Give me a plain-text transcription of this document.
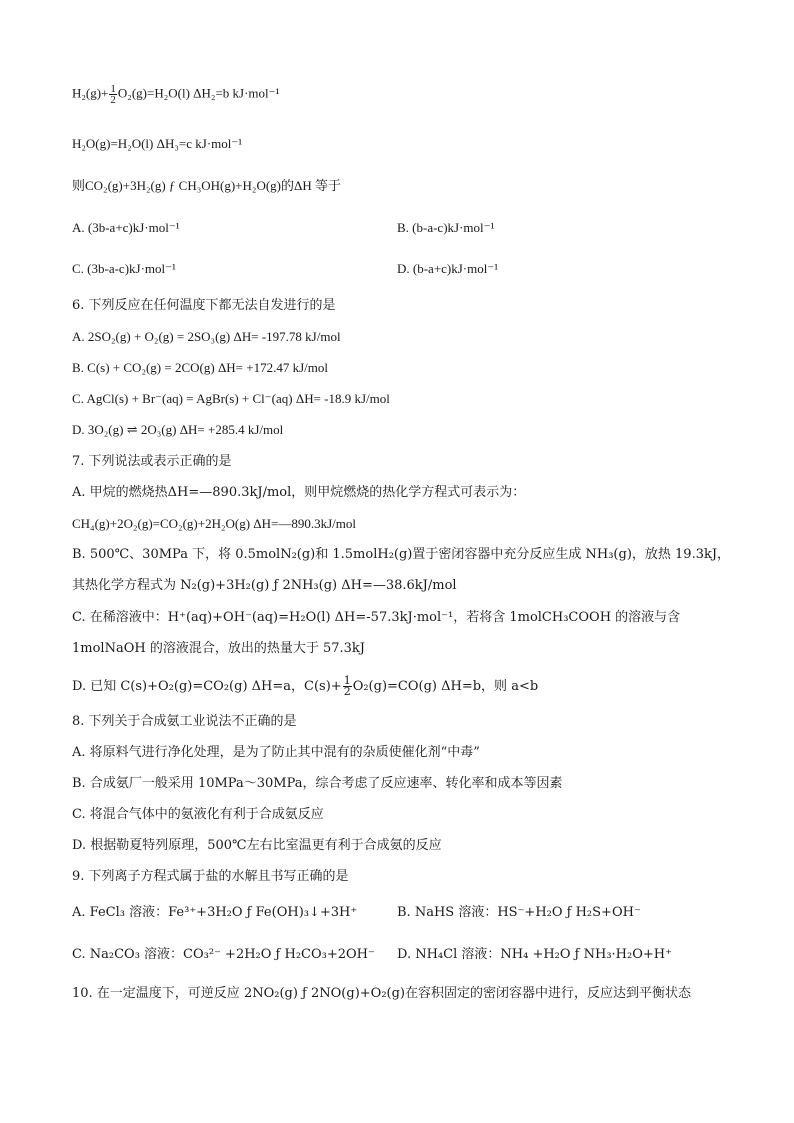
$H_2(g)+ \frac{1}{2} O_2(g)=H_2O(l)$ ΔH₂=b kJ·mol⁻¹
H₂O(g)=H₂O(l) ΔH₃=c kJ·mol⁻¹
则CO₂(g)+3H₂(g) ƒ CH₃OH(g)+H₂O(g)的ΔH 等于
A. (3b-a+c)kJ·mol⁻¹	B. (b-a-c)kJ·mol⁻¹
C. (3b-a-c)kJ·mol⁻¹	D. (b-a+c)kJ·mol⁻¹
6. 下列反应在任何温度下都无法自发进行的是
A. 2SO₂(g) + O₂(g) = 2SO₃(g) ΔH= -197.78 kJ/mol
B. C(s) + CO₂(g) = 2CO(g) ΔH= +172.47 kJ/mol
C. AgCl(s) + Br⁻(aq) = AgBr(s) + Cl⁻(aq) ΔH= -18.9 kJ/mol
D. 3O₂(g) ⇌ 2O₃(g) ΔH= +285.4 kJ/mol
7. 下列说法或表示正确的是
A. 甲烷的燃烧热ΔH=—890.3kJ/mol，则甲烷燃烧的热化学方程式可表示为：
CH₄(g)+2O₂(g)=CO₂(g)+2H₂O(g) ΔH=—890.3kJ/mol
B. 500℃、30MPa 下，将 0.5molN₂(g)和 1.5molH₂(g)置于密闭容器中充分反应生成 NH₃(g)，放热 19.3kJ，
其热化学方程式为 N₂(g)+3H₂(g) ƒ 2NH₃(g) ΔH=—38.6kJ/mol
C. 在稀溶液中：H⁺(aq)+OH⁻(aq)=H₂O(l) ΔH=-57.3kJ·mol⁻¹，若将含 1molCH₃COOH 的溶液与含
1molNaOH 的溶液混合，放出的热量大于 57.3kJ
D. 已知 C(s)+O₂(g)=CO₂(g) ΔH=a，$C(s)+ \frac{1}{2} O_2(g)=CO(g)$ ΔH=b，则 a<b
8. 下列关于合成氨工业说法不正确的是
A. 将原料气进行净化处理，是为了防止其中混有的杂质使催化剂“中毒”
B. 合成氨厂一般采用 10MPa～30MPa，综合考虑了反应速率、转化率和成本等因素
C. 将混合气体中的氨液化有利于合成氨反应
D. 根据勒夏特列原理，500℃左右比室温更有利于合成氨的反应
9. 下列离子方程式属于盐的水解且书写正确的是
A. FeCl₃ 溶液：Fe³⁺+3H₂O ƒ Fe(OH)₃↓+3H⁺	B. NaHS 溶液：HS⁻+H₂O ƒ H₂S+OH⁻
C. Na₂CO₃ 溶液：CO₃²⁻ +2H₂O ƒ H₂CO₃+2OH⁻ D. NH₄Cl 溶液：NH₄ +H₂O ƒ NH₃·H₂O+H⁺
10. 在一定温度下，可逆反应 2NO₂(g) ƒ 2NO(g)+O₂(g)在容积固定的密闭容器中进行，反应达到平衡状态
